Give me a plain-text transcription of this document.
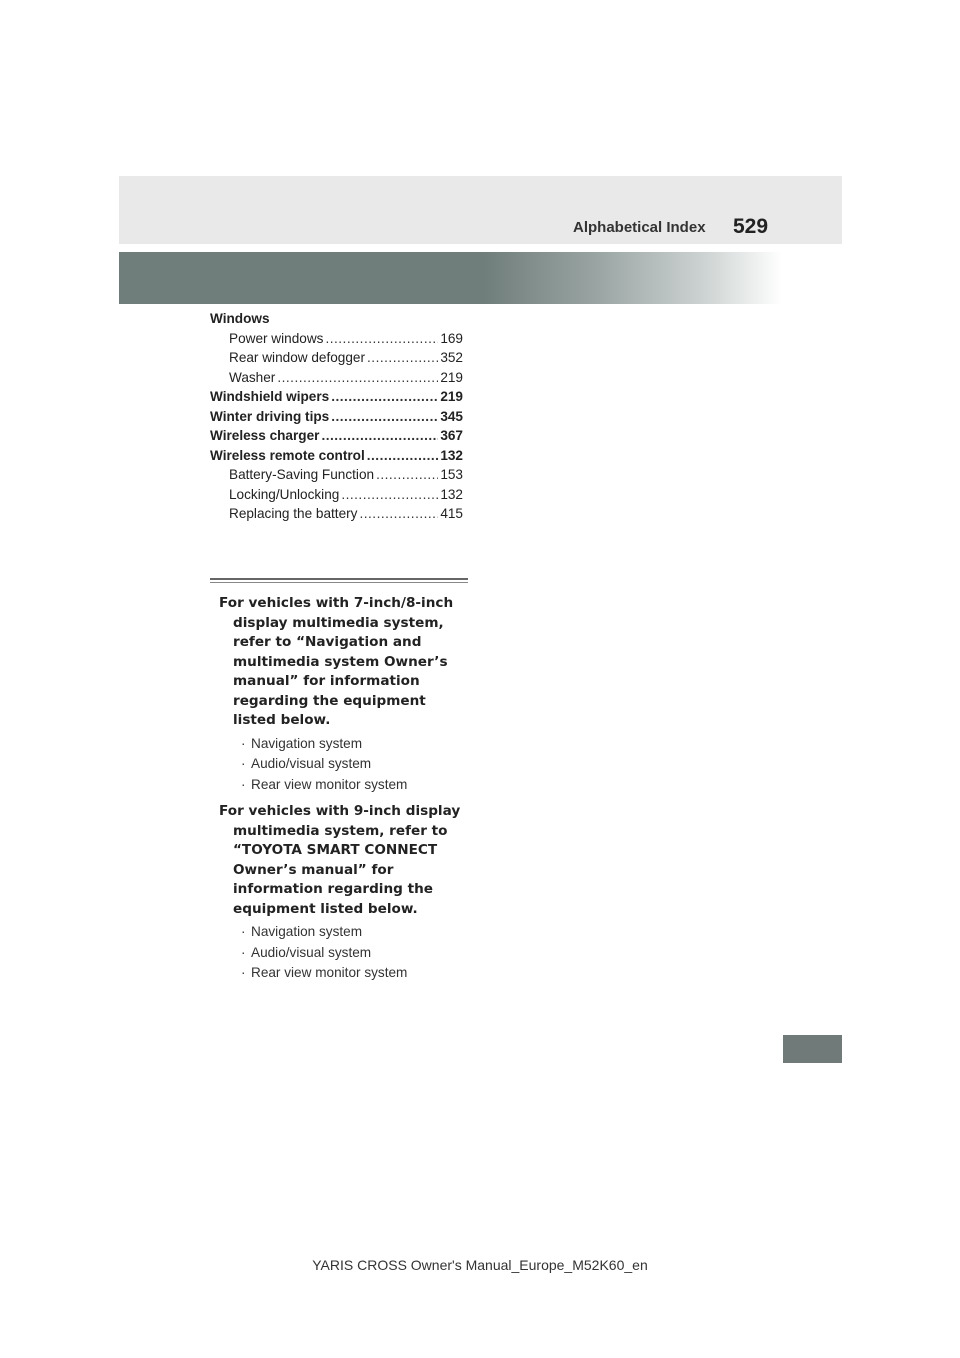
Alphabetical Index 529
Windows
Power windows .....	169
Rear window defogger .....	352
Washer .....	219
Windshield wipers .....	219
Winter driving tips .....	345
Wireless charger .....	367
Wireless remote control .....	132
Battery-Saving Function .....	153
Locking/Unlocking .....	132
Replacing the battery .....	415
For vehicles with 7-inch/8-inch display multimedia system, refer to “Navigation and multimedia system Owner’s manual” for information regarding the equipment listed below.
· Navigation system
· Audio/visual system
· Rear view monitor system
For vehicles with 9-inch display multimedia system, refer to “TOYOTA SMART CONNECT Owner’s manual” for information regarding the equipment listed below.
· Navigation system
· Audio/visual system
· Rear view monitor system
YARIS CROSS Owner's Manual_Europe_M52K60_en
